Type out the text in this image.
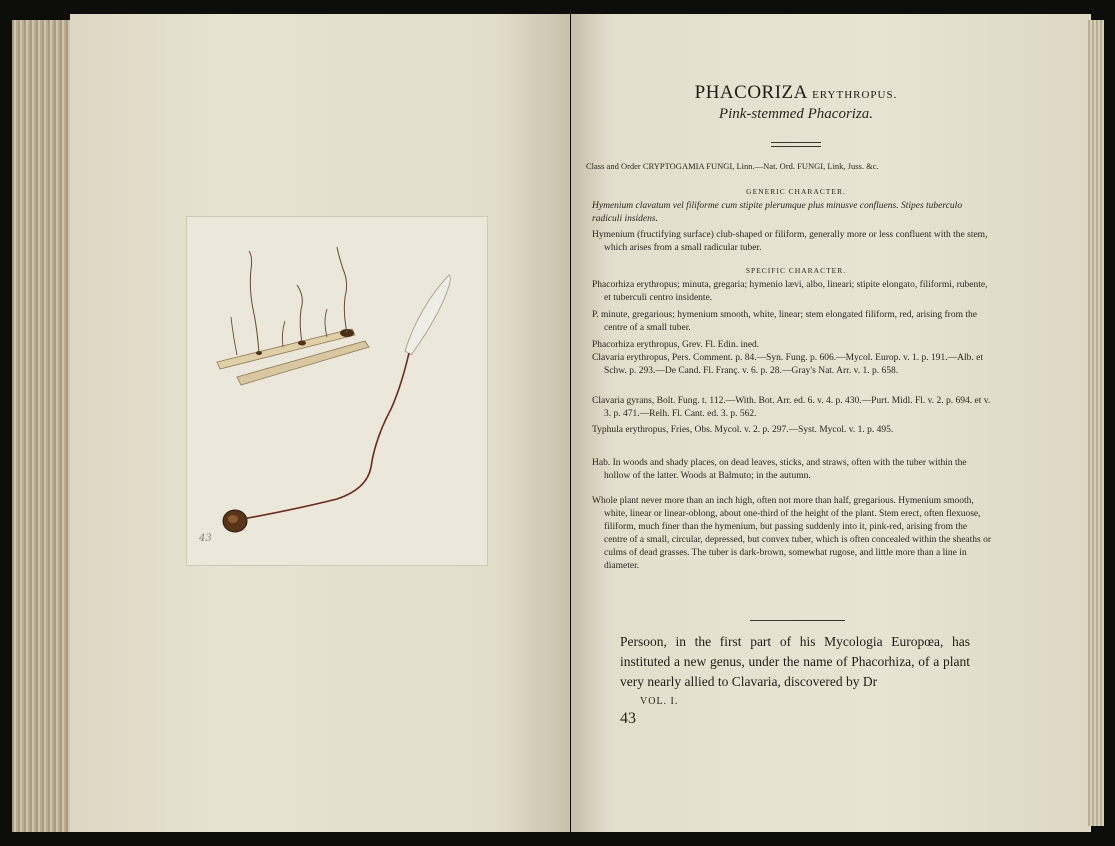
43
PHACORIZA ERYTHROPUS.
Pink-stemmed Phacoriza.
Class and Order CRYPTOGAMIA FUNGI, Linn.—Nat. Ord. FUNGI, Link, Juss. &c.
GENERIC CHARACTER.
Hymenium clavatum vel filiforme cum stipite plerumque plus minusve confluens. Stipes tuberculo radiculi insidens.
Hymenium (fructifying surface) club-shaped or filiform, generally more or less confluent with the stem, which arises from a small radicular tuber.
SPECIFIC CHARACTER.
Phacorhiza erythropus; minuta, gregaria; hymenio lævi, albo, lineari; stipite elongato, filiformi, rubente, et tuberculi centro insidente.
P. minute, gregarious; hymenium smooth, white, linear; stem elongated filiform, red, arising from the centre of a small tuber.
Phacorhiza erythropus, Grev. Fl. Edin. ined.
Clavaria erythropus, Pers. Comment. p. 84.—Syn. Fung. p. 606.—Mycol. Europ. v. 1. p. 191.—Alb. et Schw. p. 293.—De Cand. Fl. Franç. v. 6. p. 28.—Gray's Nat. Arr. v. 1. p. 658.
Clavaria gyrans, Bolt. Fung. t. 112.—With. Bot. Arr. ed. 6. v. 4. p. 430.—Purt. Midl. Fl. v. 2. p. 694. et v. 3. p. 471.—Relh. Fl. Cant. ed. 3. p. 562.
Typhula erythropus, Fries, Obs. Mycol. v. 2. p. 297.—Syst. Mycol. v. 1. p. 495.
Hab. In woods and shady places, on dead leaves, sticks, and straws, often with the tuber within the hollow of the latter. Woods at Balmuto; in the autumn.
Whole plant never more than an inch high, often not more than half, gregarious. Hymenium smooth, white, linear or linear-oblong, about one-third of the height of the plant. Stem erect, often flexuose, filiform, much finer than the hymenium, but passing suddenly into it, pink-red, arising from the centre of a small, circular, depressed, but convex tuber, which is often concealed within the sheaths or culms of dead grasses. The tuber is dark-brown, somewhat rugose, and little more than a line in diameter.
Persoon, in the first part of his Mycologia Europœa, has instituted a new genus, under the name of Phacorhiza, of a plant very nearly allied to Clavaria, discovered by Dr
VOL. I.
43
